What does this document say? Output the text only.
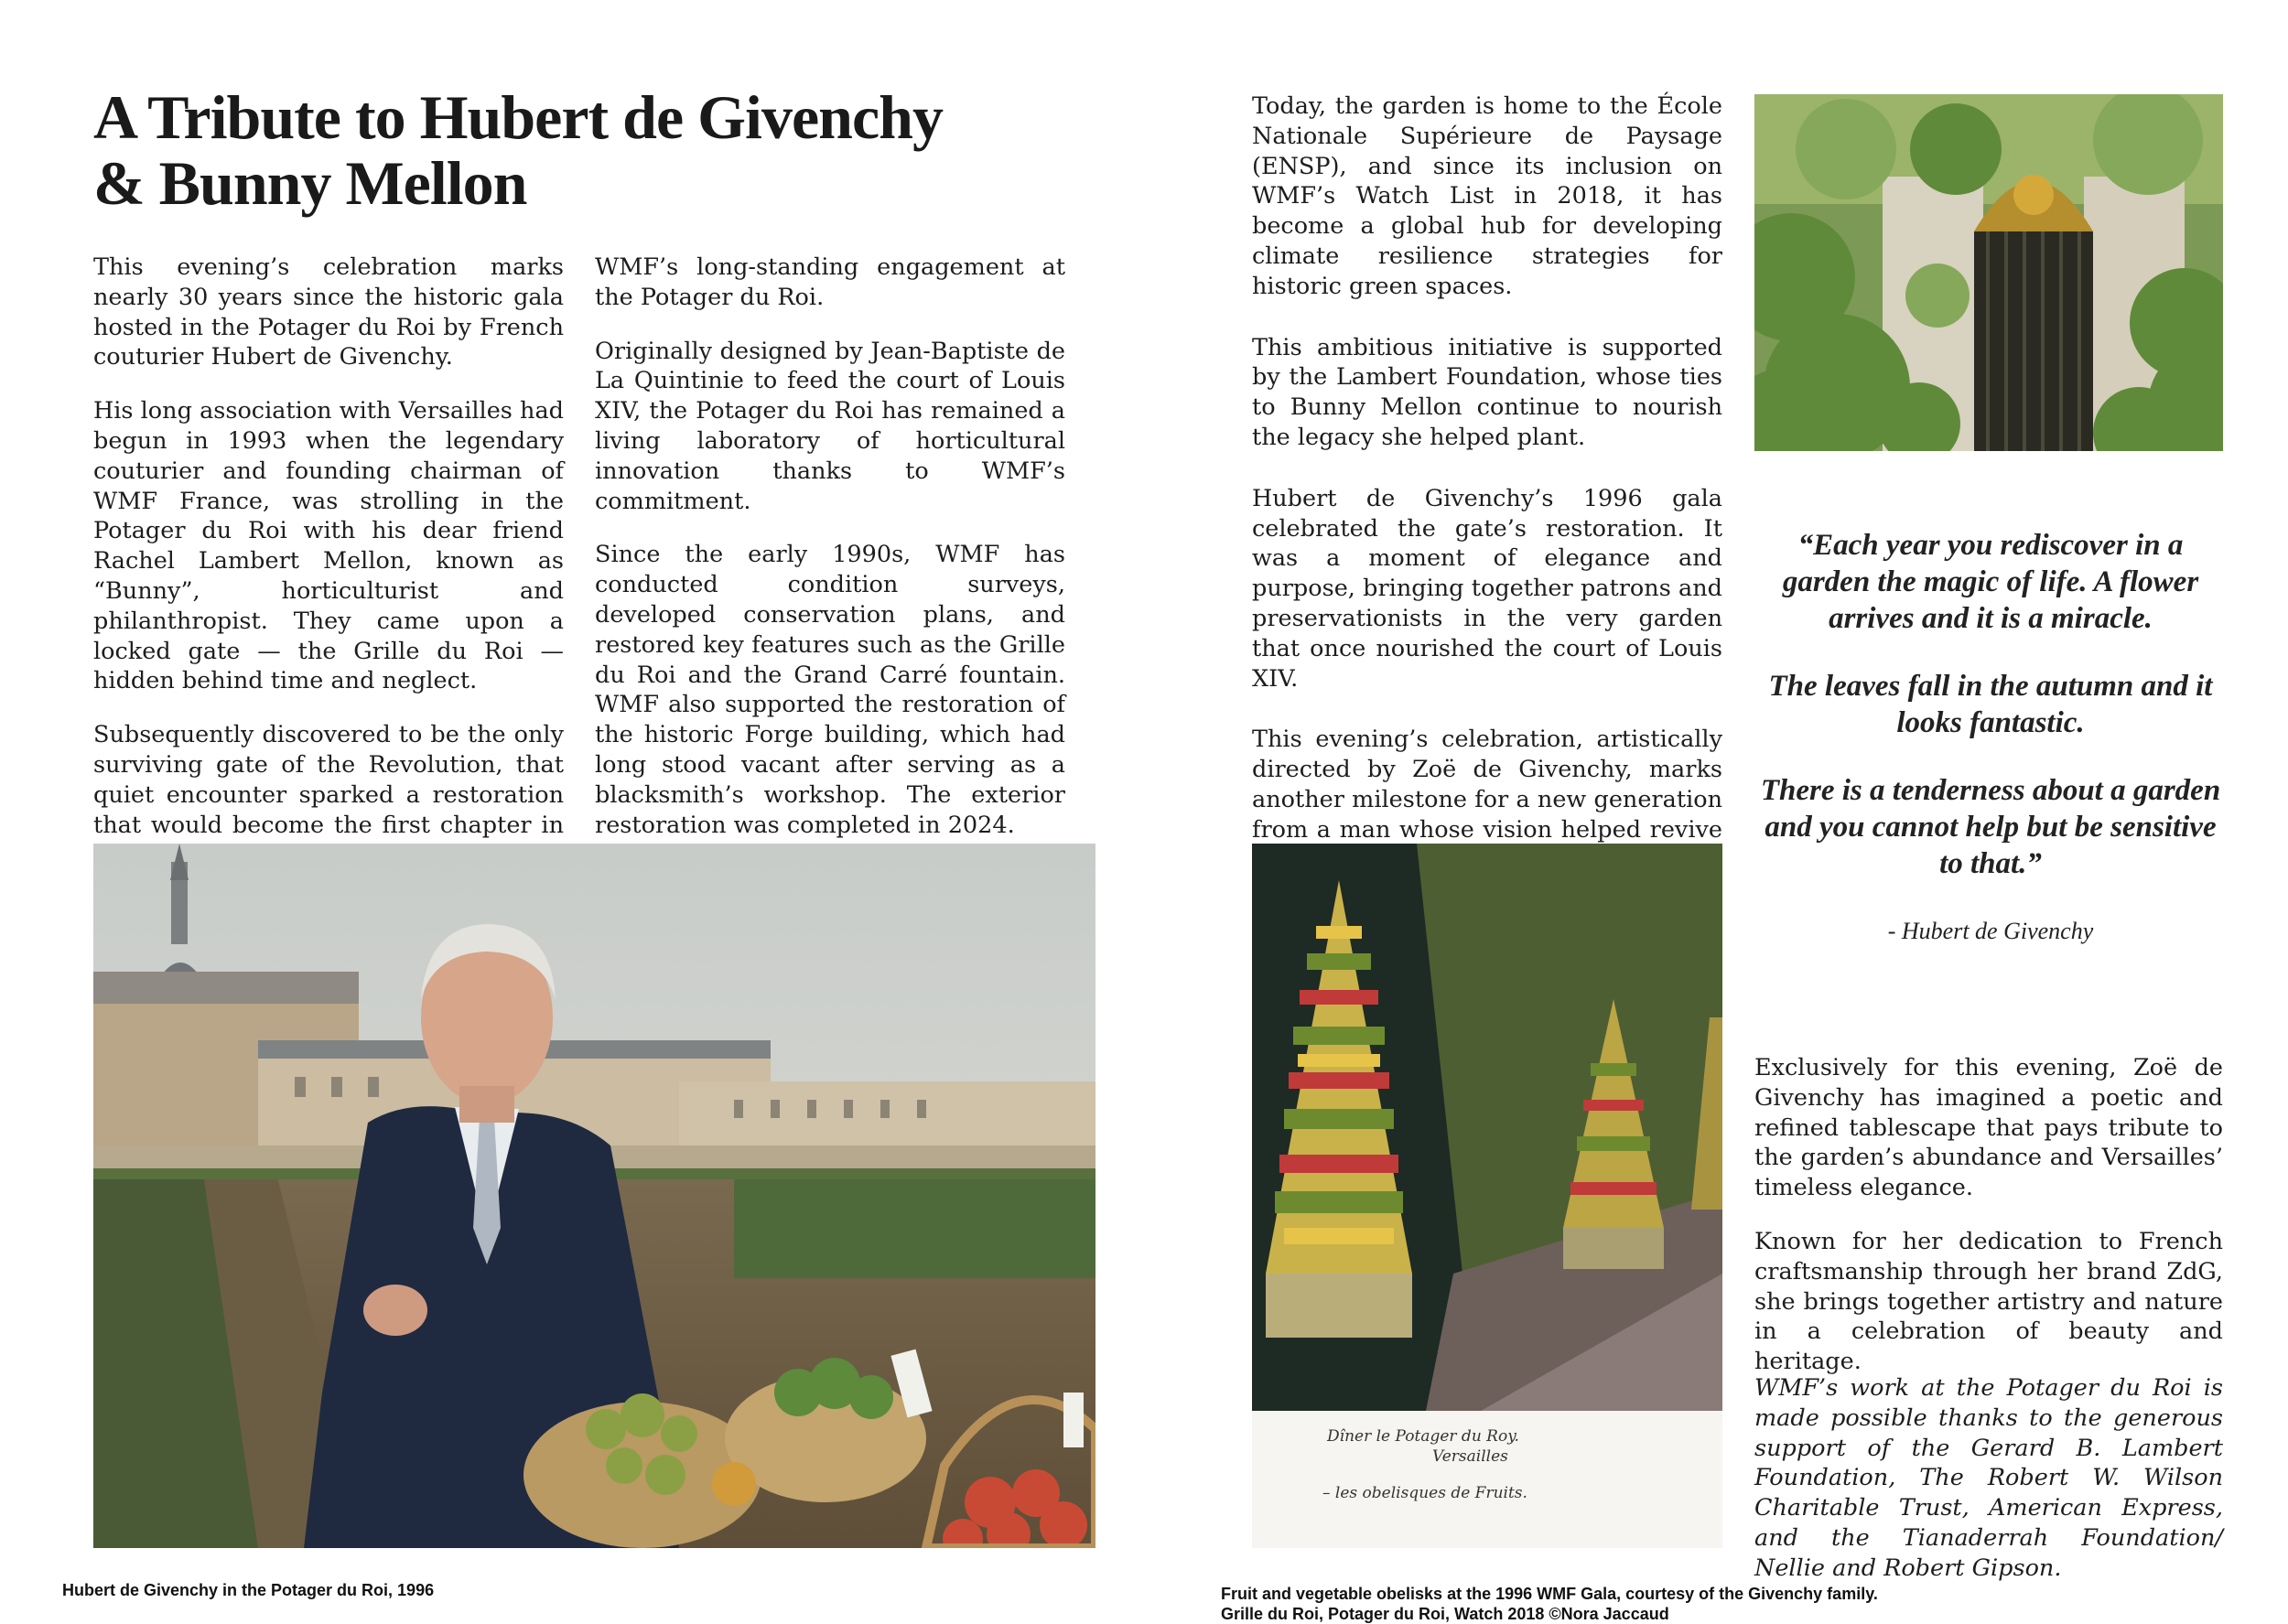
A Tribute to Hubert de Givenchy
& Bunny Mellon

This evening’s celebration marks nearly 30 years since the historic gala hosted in the Potager du Roi by French couturier Hubert de Givenchy.

His long association with Versailles had begun in 1993 when the legendary couturier and founding chairman of WMF France, was strolling in the Potager du Roi with his dear friend Rachel Lambert Mellon, known as “Bunny”, horticulturist and philanthropist. They came upon a locked gate — the Grille du Roi — hidden behind time and neglect.

Subsequently discovered to be the only surviving gate of the Revolution, that quiet encounter sparked a restoration that would become the first chapter in

WMF’s long-standing engagement at the Potager du Roi.

Originally designed by Jean-Baptiste de La Quintinie to feed the court of Louis XIV, the Potager du Roi has remained a living laboratory of horticultural innovation thanks to WMF’s commitment.

Since the early 1990s, WMF has conducted condition surveys, developed conservation plans, and restored key features such as the Grille du Roi and the Grand Carré fountain. WMF also supported the restoration of the historic Forge building, which had long stood vacant after serving as a blacksmith’s workshop. The exterior restoration was completed in 2024.

Hubert de Givenchy in the Potager du Roi, 1996

Today, the garden is home to the École Nationale Supérieure de Paysage (ENSP), and since its inclusion on WMF’s Watch List in 2018, it has become a global hub for developing climate resilience strategies for historic green spaces.

This ambitious initiative is supported by the Lambert Foundation, whose ties to Bunny Mellon continue to nourish the legacy she helped plant.

Hubert de Givenchy’s 1996 gala celebrated the gate’s restoration. It was a moment of elegance and purpose, bringing together patrons and preservationists in the very garden that once nourished the court of Louis XIV.

This evening’s celebration, artistically directed by Zoë de Givenchy, marks another milestone for a new generation from a man whose vision helped revive

“Each year you rediscover in a garden the magic of life. A flower arrives and it is a miracle.

The leaves fall in the autumn and it looks fantastic.

There is a tenderness about a garden and you cannot help but be sensitive to that.”

- Hubert de Givenchy
Dîner le Potager du Roy.
Versailles
– les obelisques de Fruits.
Fruit and vegetable obelisks at the 1996 WMF Gala, courtesy of the Givenchy family.
Grille du Roi, Potager du Roi, Watch 2018 ©Nora Jaccaud

Exclusively for this evening, Zoë de Givenchy has imagined a poetic and refined tablescape that pays tribute to the garden’s abundance and Versailles’ timeless elegance.

Known for her dedication to French craftsmanship through her brand ZdG, she brings together artistry and nature in a celebration of beauty and heritage.

WMF’s work at the Potager du Roi is made possible thanks to the generous support of the Gerard B. Lambert Foundation, The Robert W. Wilson Charitable Trust, American Express, and the Tianaderrah Foundation/ Nellie and Robert Gipson.
